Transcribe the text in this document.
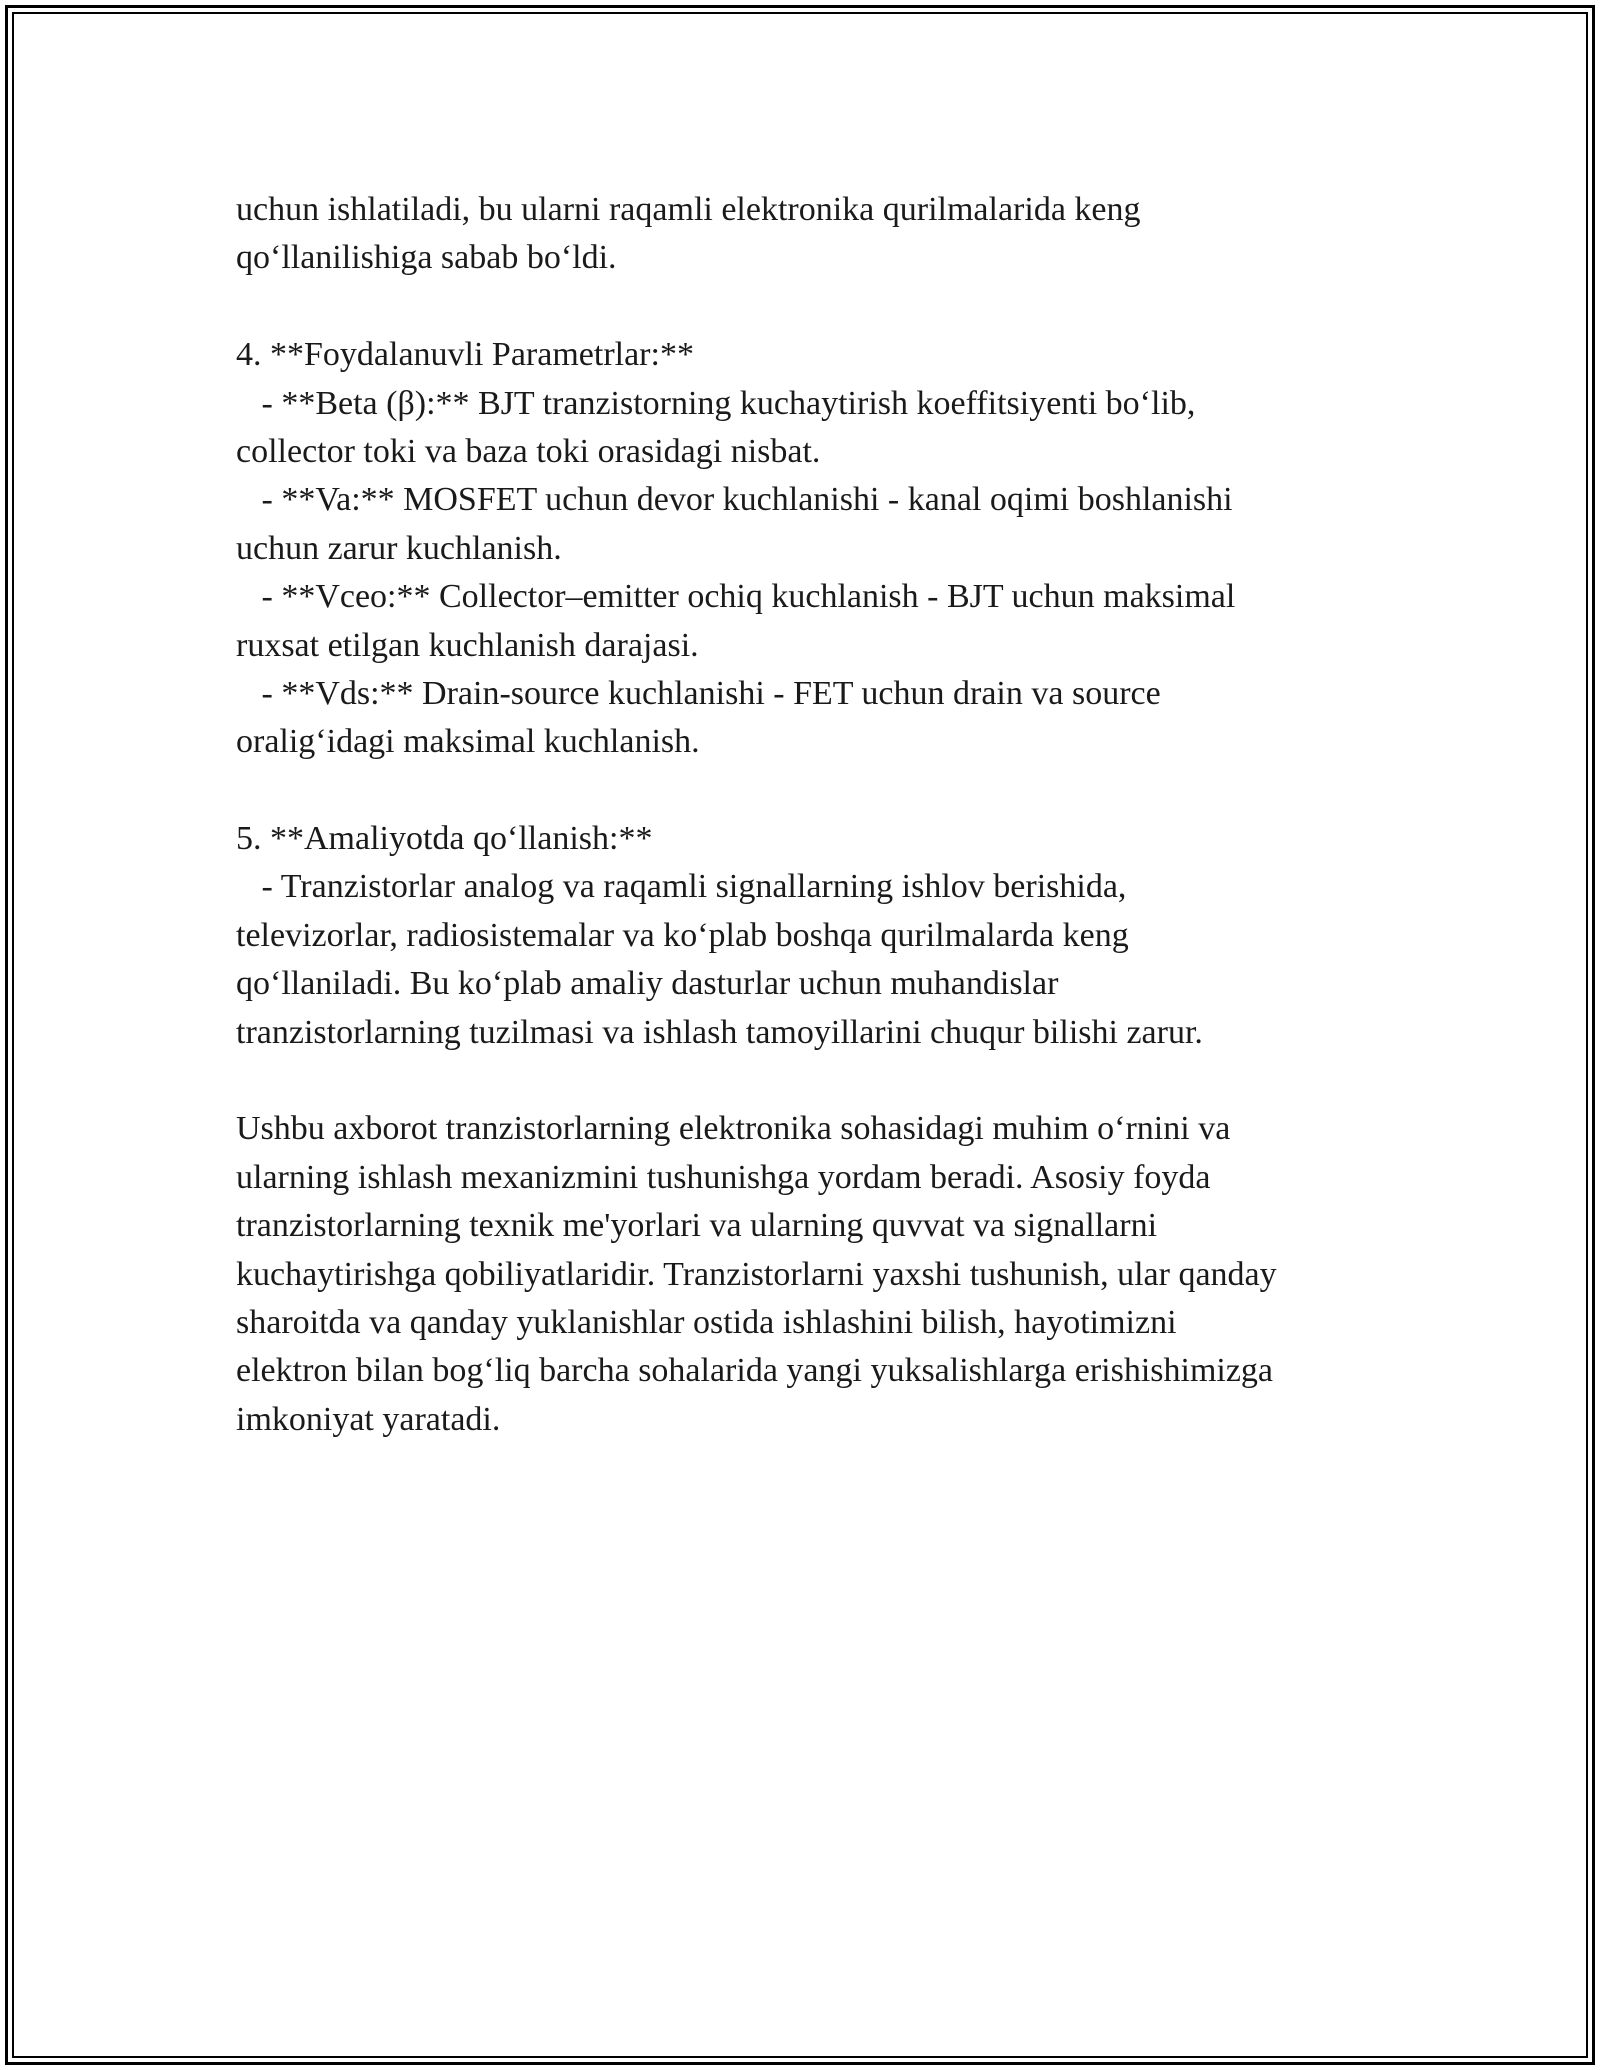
uchun ishlatiladi, bu ularni raqamli elektronika qurilmalarida keng
qo‘llanilishiga sabab bo‘ldi.
4. **Foydalanuvli Parametrlar:**
- **Beta (β):** BJT tranzistorning kuchaytirish koeffitsiyenti bo‘lib,
collector toki va baza toki orasidagi nisbat.
- **Va:** MOSFET uchun devor kuchlanishi - kanal oqimi boshlanishi
uchun zarur kuchlanish.
- **Vceo:** Collector–emitter ochiq kuchlanish - BJT uchun maksimal
ruxsat etilgan kuchlanish darajasi.
- **Vds:** Drain-source kuchlanishi - FET uchun drain va source
oralig‘idagi maksimal kuchlanish.
5. **Amaliyotda qo‘llanish:**
- Tranzistorlar analog va raqamli signallarning ishlov berishida,
televizorlar, radiosistemalar va ko‘plab boshqa qurilmalarda keng
qo‘llaniladi. Bu ko‘plab amaliy dasturlar uchun muhandislar
tranzistorlarning tuzilmasi va ishlash tamoyillarini chuqur bilishi zarur.
Ushbu axborot tranzistorlarning elektronika sohasidagi muhim o‘rnini va
ularning ishlash mexanizmini tushunishga yordam beradi. Asosiy foyda
tranzistorlarning texnik me'yorlari va ularning quvvat va signallarni
kuchaytirishga qobiliyatlaridir. Tranzistorlarni yaxshi tushunish, ular qanday
sharoitda va qanday yuklanishlar ostida ishlashini bilish, hayotimizni
elektron bilan bog‘liq barcha sohalarida yangi yuksalishlarga erishishimizga
imkoniyat yaratadi.
